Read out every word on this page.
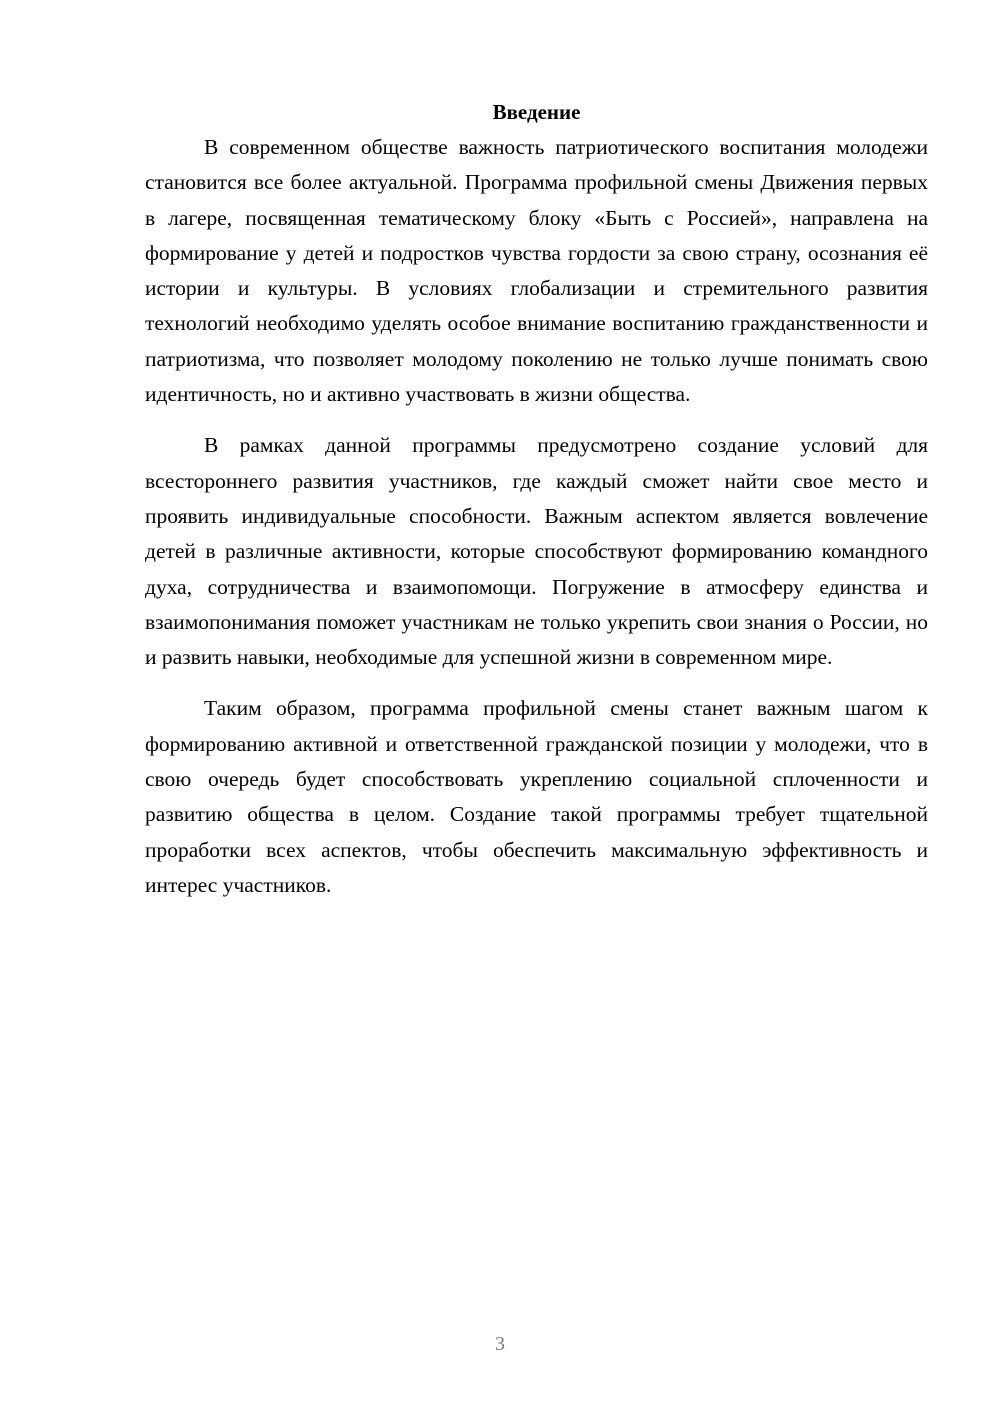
Введение

В современном обществе важность патриотического воспитания молодежи становится все более актуальной. Программа профильной смены Движения первых в лагере, посвященная тематическому блоку «Быть с Россией», направлена на формирование у детей и подростков чувства гордости за свою страну, осознания её истории и культуры. В условиях глобализации и стремительного развития технологий необходимо уделять особое внимание воспитанию гражданственности и патриотизма, что позволяет молодому поколению не только лучше понимать свою идентичность, но и активно участвовать в жизни общества.

В рамках данной программы предусмотрено создание условий для всестороннего развития участников, где каждый сможет найти свое место и проявить индивидуальные способности. Важным аспектом является вовлечение детей в различные активности, которые способствуют формированию командного духа, сотрудничества и взаимопомощи. Погружение в атмосферу единства и взаимопонимания поможет участникам не только укрепить свои знания о России, но и развить навыки, необходимые для успешной жизни в современном мире.

Таким образом, программа профильной смены станет важным шагом к формированию активной и ответственной гражданской позиции у молодежи, что в свою очередь будет способствовать укреплению социальной сплоченности и развитию общества в целом. Создание такой программы требует тщательной проработки всех аспектов, чтобы обеспечить максимальную эффективность и интерес участников.

3
